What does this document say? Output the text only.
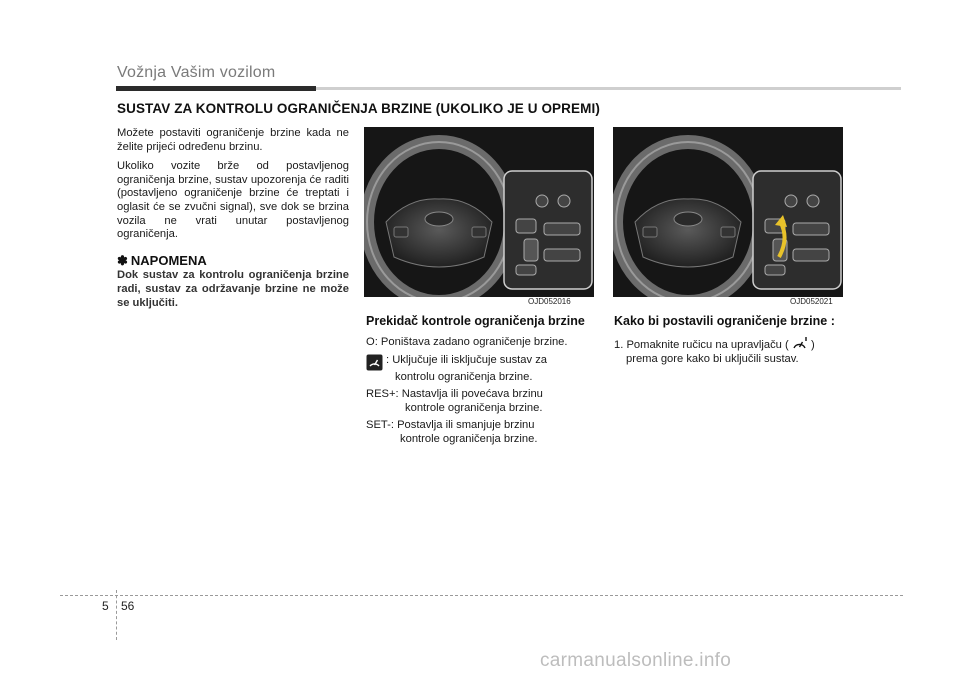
Vožnja Vašim vozilom
SUSTAV ZA KONTROLU OGRANIČENJA BRZINE (UKOLIKO JE U OPREMI)

Možete postaviti ograničenje brzine kada ne želite prijeći određenu brzinu.

Ukoliko vozite brže od postavljenog ograničenja brzine, sustav upozorenja će raditi (postavljeno ograničenje brzine će treptati i oglasit će se zvučni signal), sve dok se brzina vozila ne vrati unutar postavljenog ograničenja.

✽ NAPOMENA

Dok sustav za kontrolu ograničenja brzine radi, sustav za održavanje brzine ne može se uključiti.	OJD052016	OJD052021
Prekidač kontrole ograničenja brzine

O: Poništava zadano ograničenje brzine.

: Uključuje ili isključuje sustav za

kontrolu ograničenja brzine.

RES+: Nastavlja ili povećava brzinu

kontrole ograničenja brzine.

SET-: Postavlja ili smanjuje brzinu

kontrole ograničenja brzine.

Kako bi postavili ograničenje brzine :

1. Pomaknite ručicu na upravljaču ( )

prema gore kako bi uključili sustav.

5 56
carmanualsonline.info
